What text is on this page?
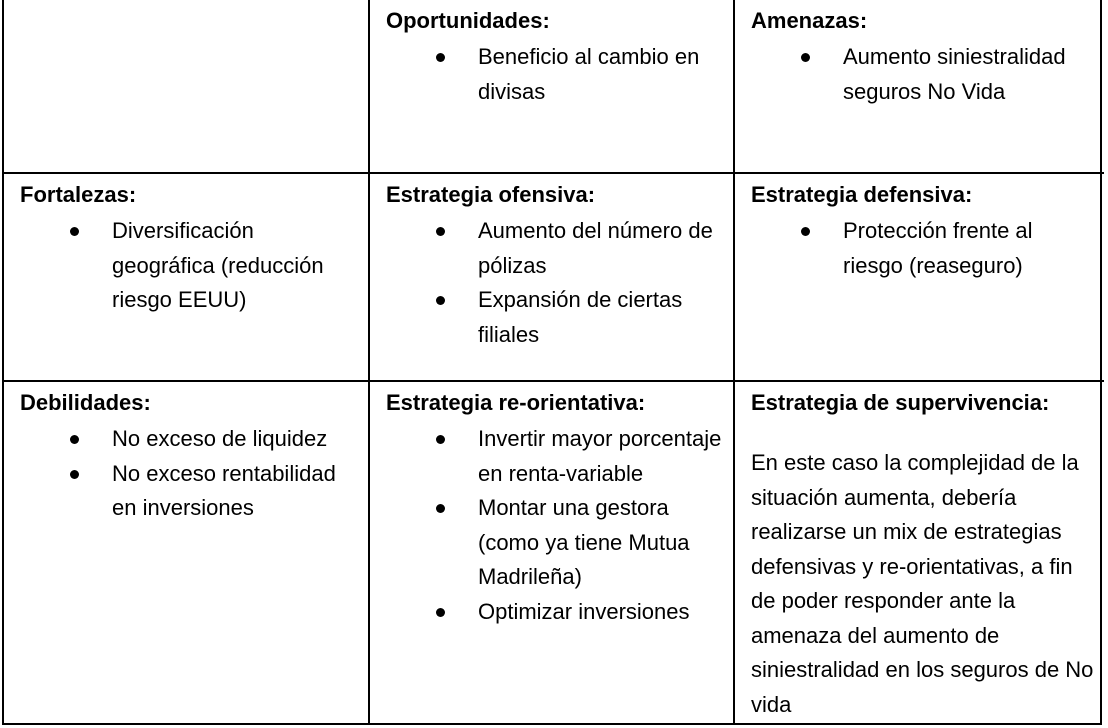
Oportunidades:
Beneficio al cambio en divisas
Amenazas:
Aumento siniestralidad seguros No Vida
Fortalezas:
Diversificación geográfica (reducción riesgo EEUU)
Estrategia ofensiva:
Aumento del número de pólizas
Expansión de ciertas filiales
Estrategia defensiva:
Protección frente al riesgo (reaseguro)
Debilidades:
No exceso de liquidez
No exceso rentabilidad en inversiones
Estrategia re-orientativa:
Invertir mayor porcentaje en renta-variable
Montar una gestora (como ya tiene Mutua Madrileña)
Optimizar inversiones
Estrategia de supervivencia:
En este caso la complejidad de la situación aumenta, debería realizarse un mix de estrategias defensivas y re-orientativas, a fin de poder responder ante la amenaza del aumento de siniestralidad en los seguros de No vida
